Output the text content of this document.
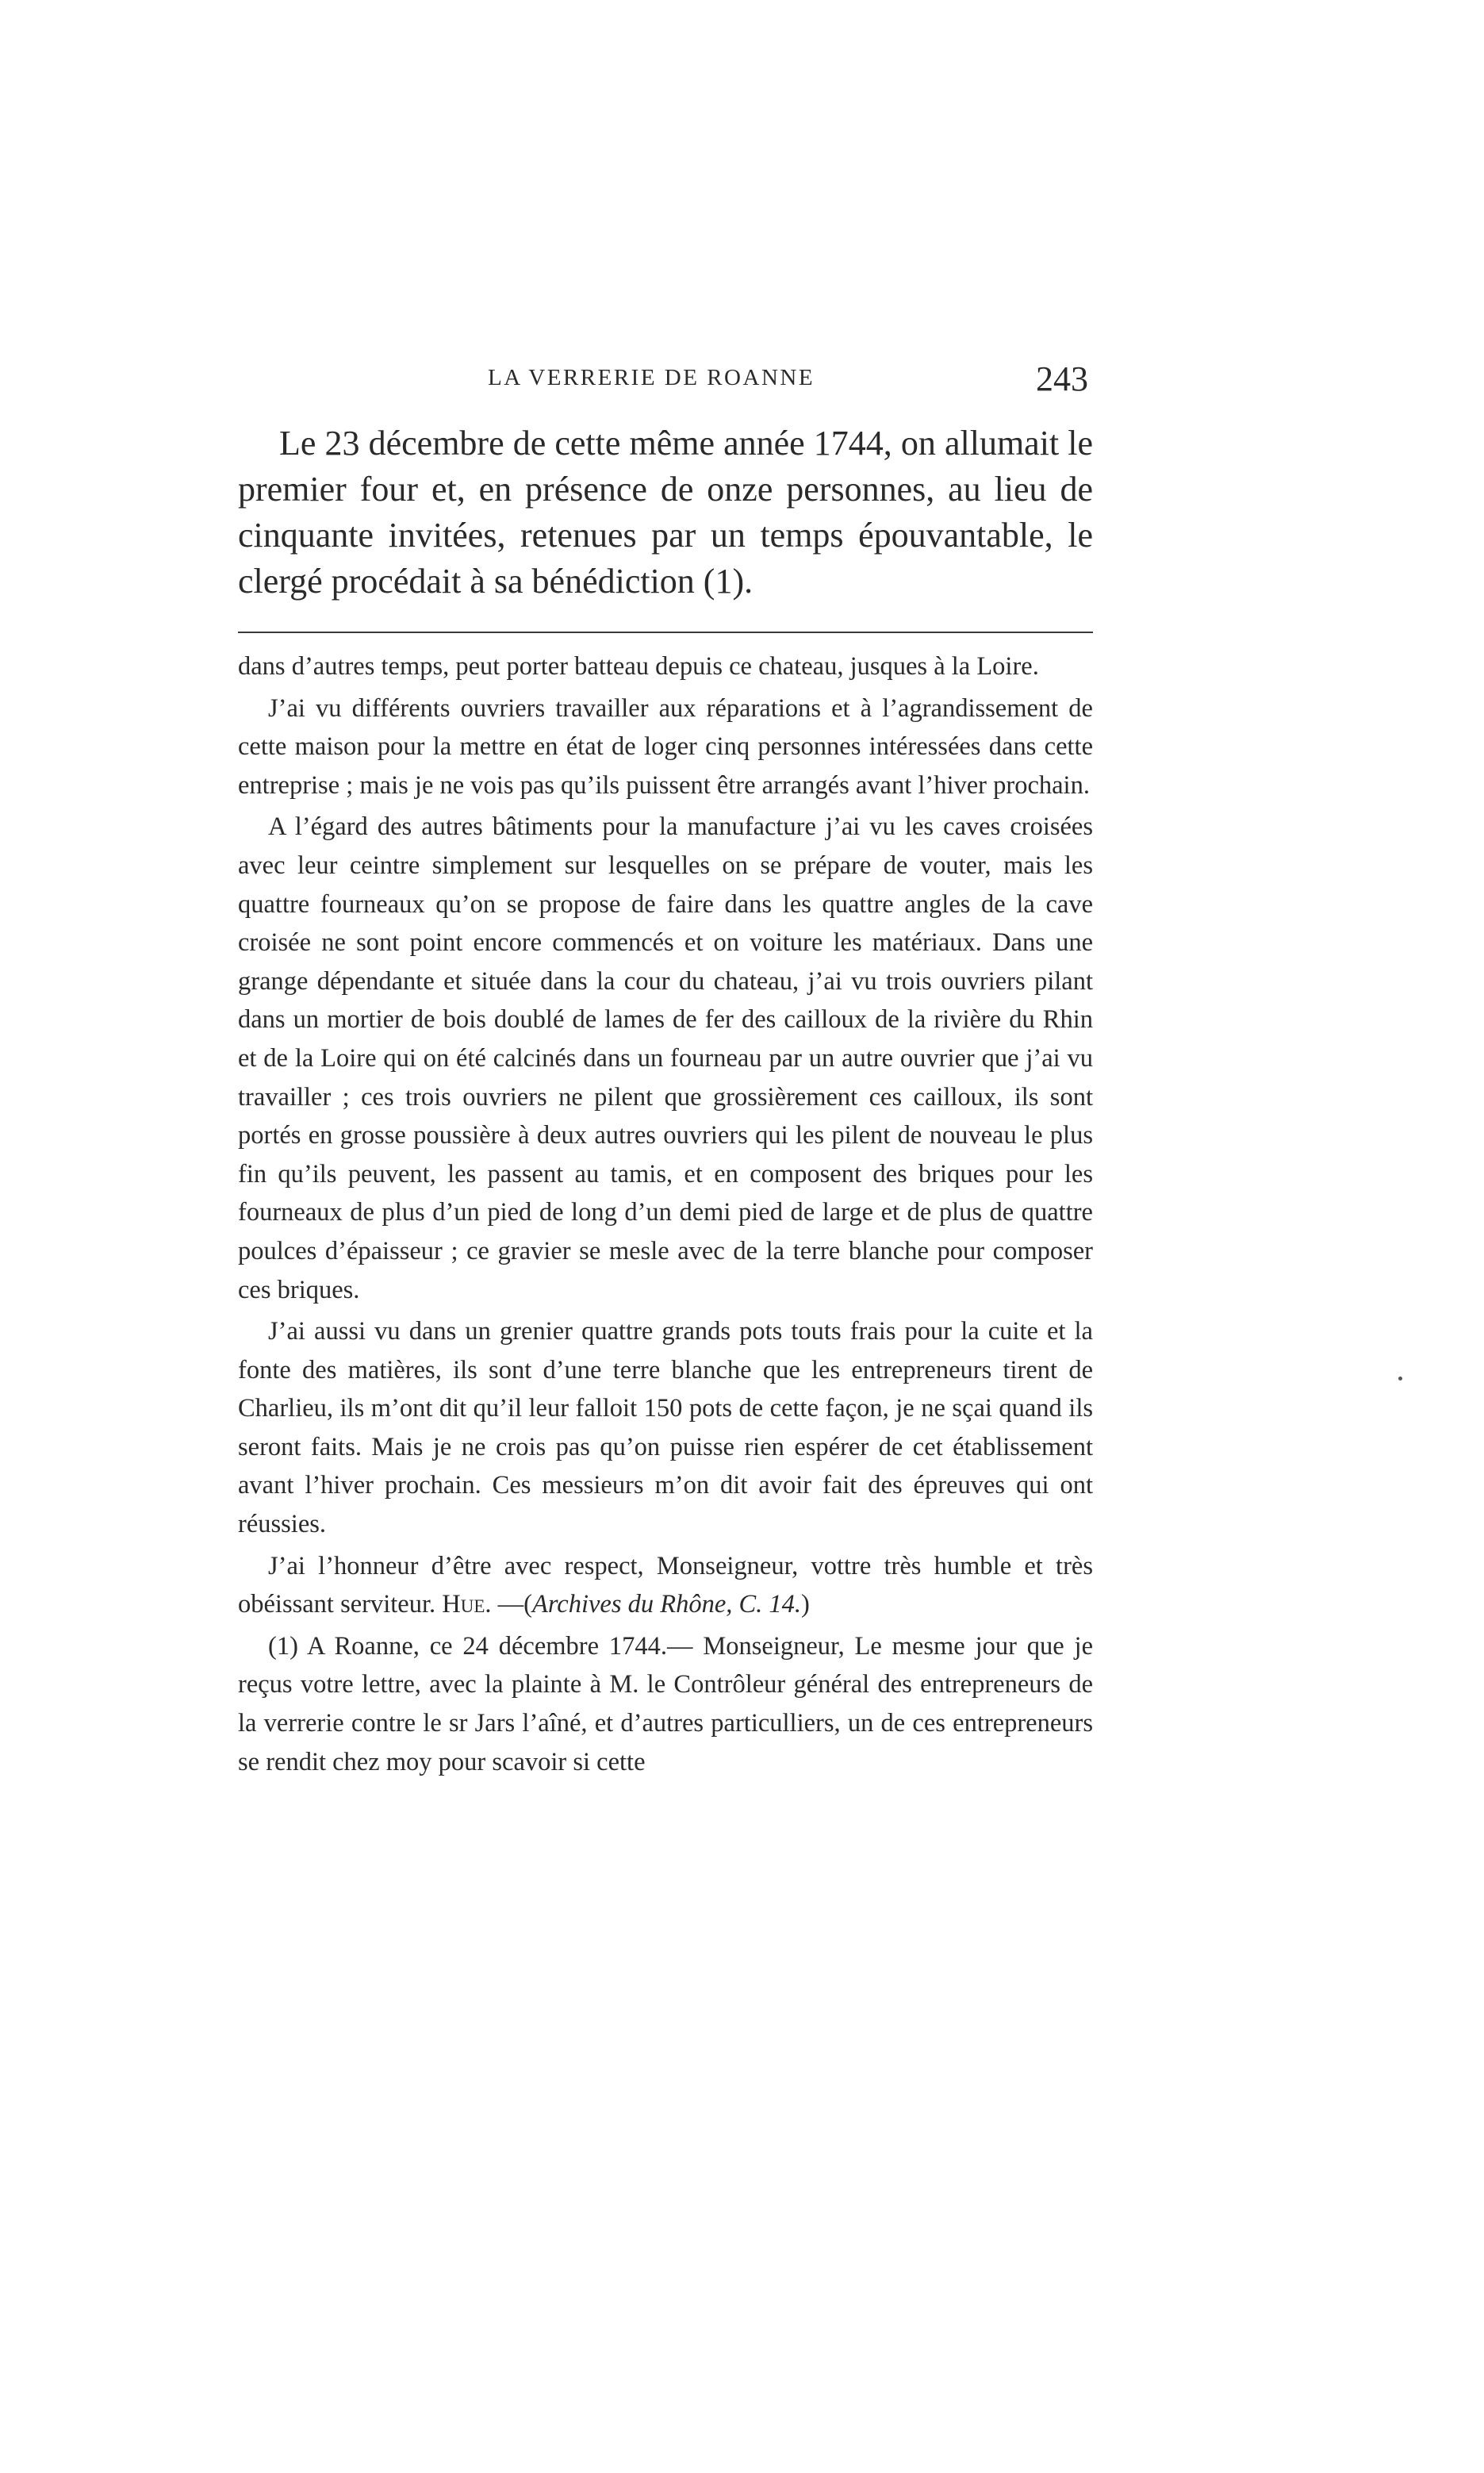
LA VERRERIE DE ROANNE	243

Le 23 décembre de cette même année 1744, on allumait le premier four et, en présence de onze personnes, au lieu de cinquante invitées, retenues par un temps épouvantable, le clergé procédait à sa bénédiction (1).

dans d’autres temps, peut porter batteau depuis ce chateau, jusques à la Loire.

J’ai vu différents ouvriers travailler aux réparations et à l’agrandissement de cette maison pour la mettre en état de loger cinq personnes intéressées dans cette entreprise ; mais je ne vois pas qu’ils puissent être arrangés avant l’hiver prochain.

A l’égard des autres bâtiments pour la manufacture j’ai vu les caves croisées avec leur ceintre simplement sur lesquelles on se prépare de vouter, mais les quattre fourneaux qu’on se propose de faire dans les quattre angles de la cave croisée ne sont point encore commencés et on voiture les matériaux. Dans une grange dépendante et située dans la cour du chateau, j’ai vu trois ouvriers pilant dans un mortier de bois doublé de lames de fer des cailloux de la rivière du Rhin et de la Loire qui on été calcinés dans un fourneau par un autre ouvrier que j’ai vu travailler ; ces trois ouvriers ne pilent que grossièrement ces cailloux, ils sont portés en grosse poussière à deux autres ouvriers qui les pilent de nouveau le plus fin qu’ils peuvent, les passent au tamis, et en composent des briques pour les fourneaux de plus d’un pied de long d’un demi pied de large et de plus de quattre poulces d’épaisseur ; ce gravier se mesle avec de la terre blanche pour composer ces briques.

J’ai aussi vu dans un grenier quattre grands pots touts frais pour la cuite et la fonte des matières, ils sont d’une terre blanche que les entrepreneurs tirent de Charlieu, ils m’ont dit qu’il leur falloit 150 pots de cette façon, je ne sçai quand ils seront faits. Mais je ne crois pas qu’on puisse rien espérer de cet établissement avant l’hiver prochain. Ces messieurs m’on dit avoir fait des épreuves qui ont réussies.

J’ai l’honneur d’être avec respect, Monseigneur, vottre très humble et très obéissant serviteur. Hue. —(Archives du Rhône, C. 14.)

(1) A Roanne, ce 24 décembre 1744.— Monseigneur, Le mesme jour que je reçus votre lettre, avec la plainte à M. le Contrôleur général des entrepreneurs de la verrerie contre le sr Jars l’aîné, et d’autres particulliers, un de ces entrepreneurs se rendit chez moy pour scavoir si cette
